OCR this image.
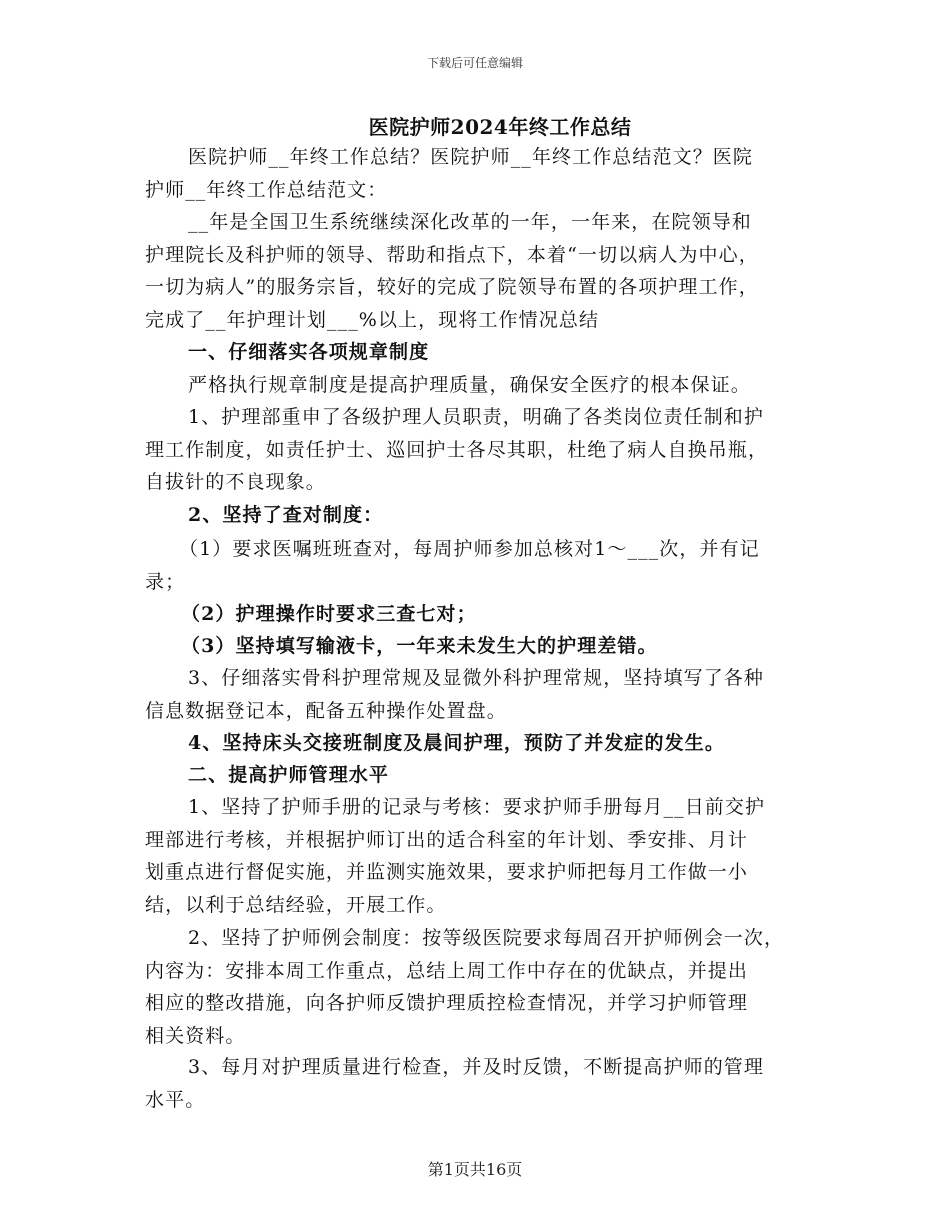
下载后可任意编辑
医院护师2024年终工作总结

医院护师__年终工作总结？医院护师__年终工作总结范文？医院
护师__年终工作总结范文：

__年是全国卫生系统继续深化改革的一年，一年来，在院领导和
护理院长及科护师的领导、帮助和指点下，本着“一切以病人为中心，
一切为病人”的服务宗旨，较好的完成了院领导布置的各项护理工作，
完成了__年护理计划___%以上，现将工作情况总结

一、仔细落实各项规章制度

严格执行规章制度是提高护理质量，确保安全医疗的根本保证。

1、护理部重申了各级护理人员职责，明确了各类岗位责任制和护
理工作制度，如责任护士、巡回护士各尽其职，杜绝了病人自换吊瓶，
自拔针的不良现象。

2、坚持了查对制度：

（1）要求医嘱班班查对，每周护师参加总核对1～___次，并有记
录；

（2）护理操作时要求三查七对；

（3）坚持填写输液卡，一年来未发生大的护理差错。

3、仔细落实骨科护理常规及显微外科护理常规，坚持填写了各种
信息数据登记本，配备五种操作处置盘。

4、坚持床头交接班制度及晨间护理，预防了并发症的发生。

二、提高护师管理水平

1、坚持了护师手册的记录与考核：要求护师手册每月__日前交护
理部进行考核，并根据护师订出的适合科室的年计划、季安排、月计
划重点进行督促实施，并监测实施效果，要求护师把每月工作做一小
结，以利于总结经验，开展工作。

2、坚持了护师例会制度：按等级医院要求每周召开护师例会一次，
内容为：安排本周工作重点，总结上周工作中存在的优缺点，并提出
相应的整改措施，向各护师反馈护理质控检查情况，并学习护师管理
相关资料。

3、每月对护理质量进行检查，并及时反馈，不断提高护师的管理
水平。

第1页共16页
